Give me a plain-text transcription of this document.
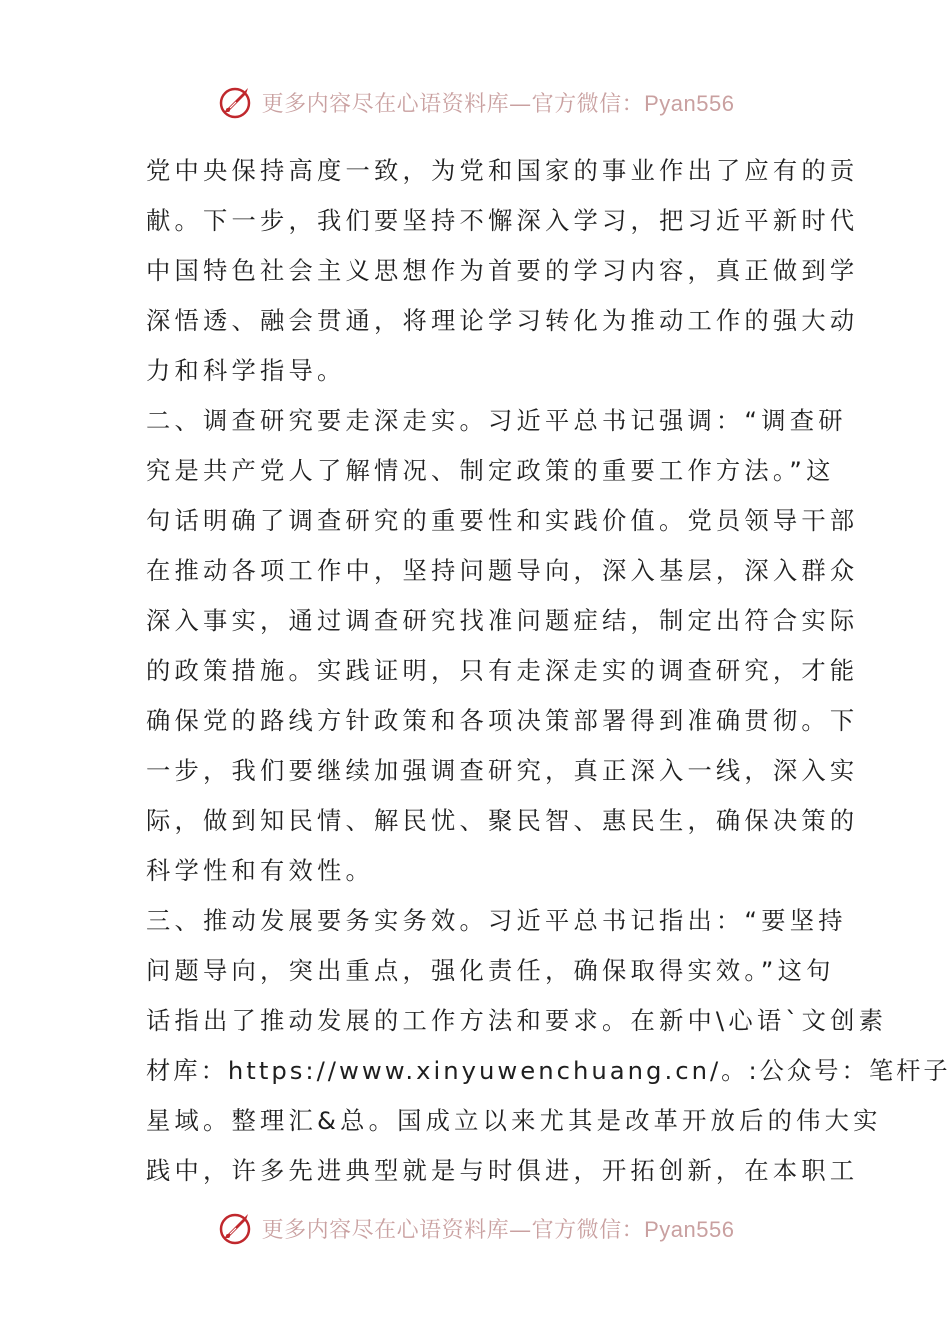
更多内容尽在心语资料库—官方微信：Pyan556
党中央保持高度一致，为党和国家的事业作出了应有的贡
献。下一步，我们要坚持不懈深入学习，把习近平新时代
中国特色社会主义思想作为首要的学习内容，真正做到学
深悟透、融会贯通，将理论学习转化为推动工作的强大动
力和科学指导。
二、调查研究要走深走实。习近平总书记强调：“调查研
究是共产党人了解情况、制定政策的重要工作方法。”这
句话明确了调查研究的重要性和实践价值。党员领导干部
在推动各项工作中，坚持问题导向，深入基层，深入群众
深入事实，通过调查研究找准问题症结，制定出符合实际
的政策措施。实践证明，只有走深走实的调查研究，才能
确保党的路线方针政策和各项决策部署得到准确贯彻。下
一步，我们要继续加强调查研究，真正深入一线，深入实
际，做到知民情、解民忧、聚民智、惠民生，确保决策的
科学性和有效性。
三、推动发展要务实务效。习近平总书记指出：“要坚持
问题导向，突出重点，强化责任，确保取得实效。”这句
话指出了推动发展的工作方法和要求。在新中\心语`文创素
材库：https://www.xinyuwenchuang.cn/。:公众号：笔杆子
星域。整理汇&总。国成立以来尤其是改革开放后的伟大实
践中，许多先进典型就是与时俱进，开拓创新，在本职工
更多内容尽在心语资料库—官方微信：Pyan556
